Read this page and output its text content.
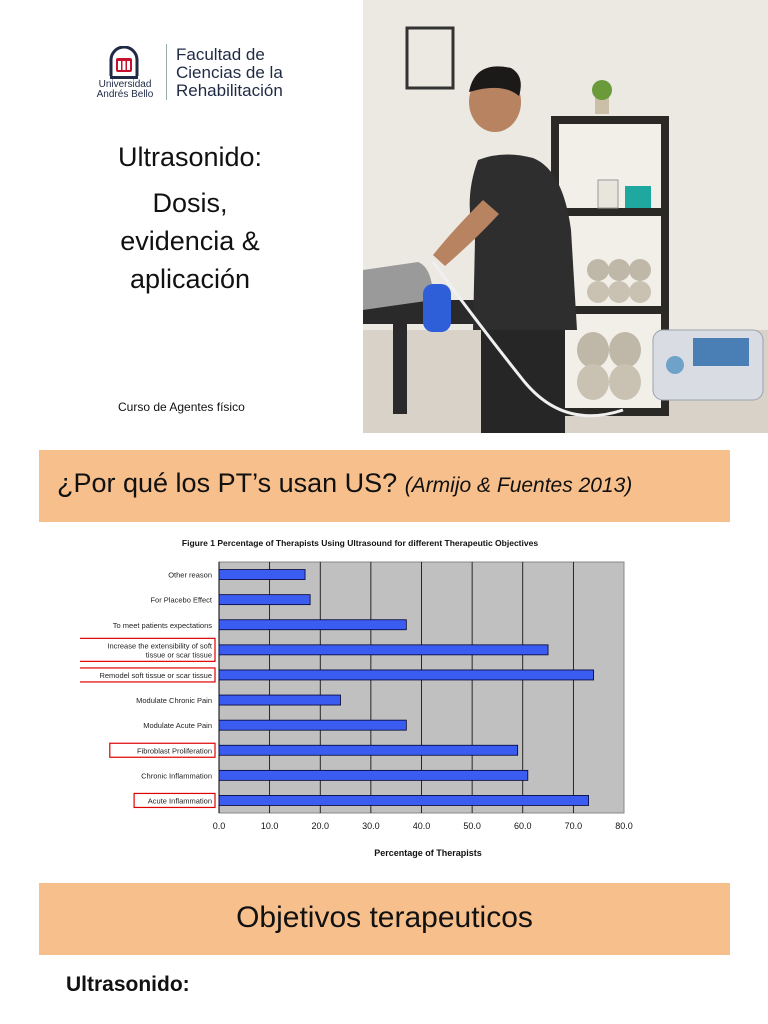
Universidad Andrés Bello
Facultad de
Ciencias de la
Rehabilitación
Ultrasonido:
Dosis,
evidencia &
aplicación
Curso de Agentes físico
¿Por qué los PT’s usan US? (Armijo & Fuentes 2013)
Figure 1 Percentage of Therapists Using Ultrasound for different Therapeutic Objectives
0.0	10.0	20.0	30.0	40.0	50.0	60.0	70.0	80.0
Other reason
For Placebo Effect
To meet patients expectations
Increase the extensibility of soft
tissue or scar tissue
Remodel soft tissue or scar tissue
Modulate Chronic Pain
Modulate Acute Pain
Fibroblast Proliferation
Chronic Inflammation
Acute Inflammation
Percentage of Therapists
Objetivos terapeuticos
Ultrasonido:
